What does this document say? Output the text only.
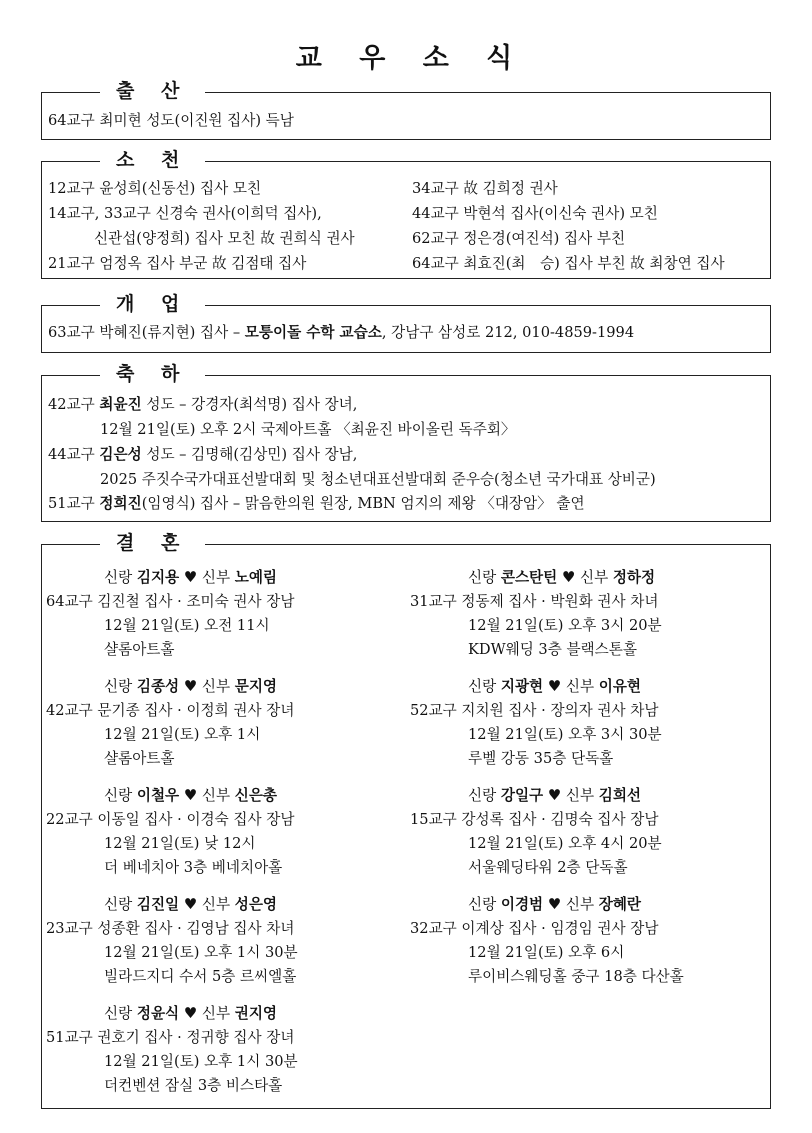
교 우 소 식
출 산
64교구 최미현 성도(이진원 집사) 득남
소 천
12교구 윤성희(신동선) 집사 모친
14교구, 33교구 신경숙 권사(이희덕 집사),
신관섭(양정희) 집사 모친 故 권희식 권사
21교구 엄정옥 집사 부군 故 김점태 집사
34교구 故 김희정 권사
44교구 박현석 집사(이신숙 권사) 모친
62교구 정은경(여진석) 집사 부친
64교구 최효진(최　승) 집사 부친 故 최창연 집사
개 업
63교구 박혜진(류지현) 집사 – 모퉁이돌 수학 교습소, 강남구 삼성로 212, 010-4859-1994
축 하
42교구 최윤진 성도 – 강경자(최석명) 집사 장녀,
12월 21일(토) 오후 2시 국제아트홀 〈최윤진 바이올린 독주회〉
44교구 김은성 성도 – 김명해(김상민) 집사 장남,
2025 주짓수국가대표선발대회 및 청소년대표선발대회 준우승(청소년 국가대표 상비군)
51교구 정희진(임영식) 집사 – 맑음한의원 원장, MBN 엄지의 제왕 〈대장암〉 출연
결 혼
신랑 김지용 ♥ 신부 노예림
64교구 김진철 집사 · 조미숙 권사 장남
12월 21일(토) 오전 11시
샬롬아트홀
신랑 콘스탄틴 ♥ 신부 정하정
31교구 정동제 집사 · 박원화 권사 차녀
12월 21일(토) 오후 3시 20분
KDW웨딩 3층 블랙스톤홀
신랑 김종성 ♥ 신부 문지영
42교구 문기종 집사 · 이정희 권사 장녀
12월 21일(토) 오후 1시
샬롬아트홀
신랑 지광현 ♥ 신부 이유현
52교구 지치원 집사 · 장의자 권사 차남
12월 21일(토) 오후 3시 30분
루벨 강동 35층 단독홀
신랑 이철우 ♥ 신부 신은총
22교구 이동일 집사 · 이경숙 집사 장남
12월 21일(토) 낮 12시
더 베네치아 3층 베네치아홀
신랑 강일구 ♥ 신부 김희선
15교구 강성록 집사 · 김명숙 집사 장남
12월 21일(토) 오후 4시 20분
서울웨딩타워 2층 단독홀
신랑 김진일 ♥ 신부 성은영
23교구 성종환 집사 · 김영남 집사 차녀
12월 21일(토) 오후 1시 30분
빌라드지디 수서 5층 르씨엘홀
신랑 이경범 ♥ 신부 장혜란
32교구 이계상 집사 · 임경임 권사 장남
12월 21일(토) 오후 6시
루이비스웨딩홀 중구 18층 다산홀
신랑 정윤식 ♥ 신부 권지영
51교구 권호기 집사 · 정귀향 집사 장녀
12월 21일(토) 오후 1시 30분
더컨벤션 잠실 3층 비스타홀
